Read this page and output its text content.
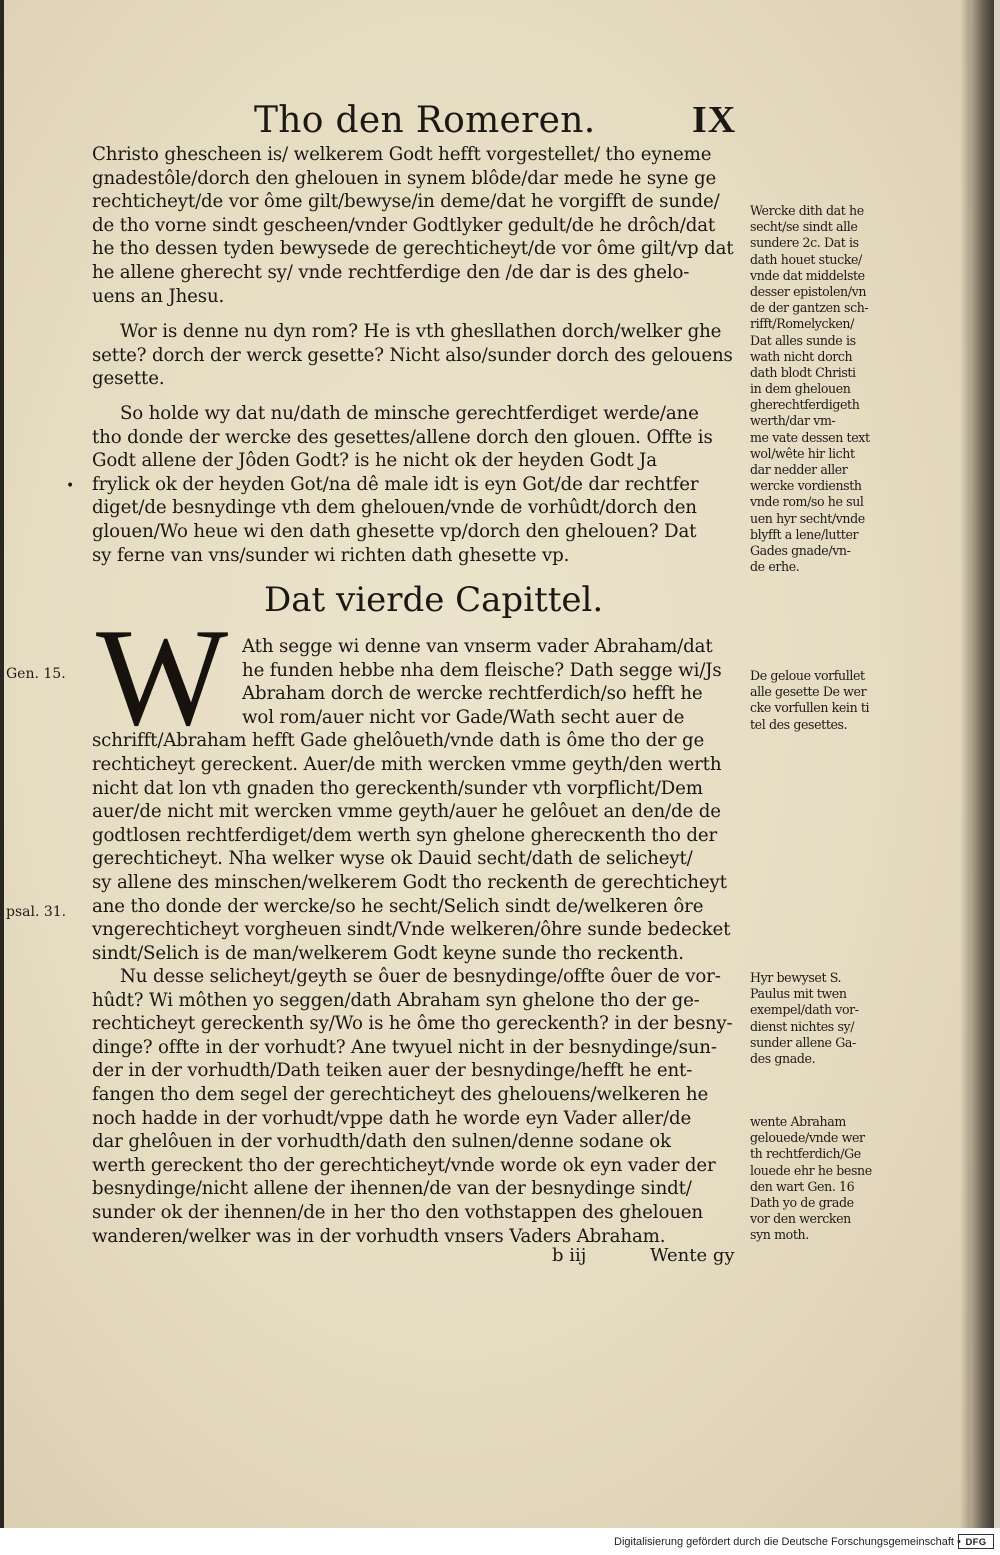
Tho den Romeren.	IX
Christo ghescheen is/ welkerem Godt hefft vorgestellet/ tho eyneme
gnadestôle/dorch den ghelouen in synem blôde/dar mede he syne ge
rechticheyt/de vor ôme gilt/bewyse/in deme/dat he vorgifft de sunde/
de tho vorne sindt gescheen/vnder Godtlyker gedult/de he drôch/dat
he tho dessen tyden bewysede de gerechticheyt/de vor ôme gilt/vp dat
he allene gherecht sy/ vnde rechtferdige den /de dar is des ghelo-
uens an Jhesu.
Wor is denne nu dyn rom? He is vth ghesllathen dorch/welker ghe
sette? dorch der werck gesette? Nicht also/sunder dorch des gelouens
gesette.
So holde wy dat nu/dath de minsche gerechtferdiget werde/ane
tho donde der wercke des gesettes/allene dorch den glouen. Offte is
Godt allene der Jôden Godt? is he nicht ok der heyden Godt Ja
frylick ok der heyden Got/na dê male idt is eyn Got/de dar rechtfer
diget/de besnydinge vth dem ghelouen/vnde de vorhûdt/dorch den
glouen/Wo heue wi den dath ghesette vp/dorch den ghelouen? Dat
sy ferne van vns/sunder wi richten dath ghesette vp.
Dat vierde Capittel.
W Ath segge wi denne van vnserm vader Abraham/dat
he funden hebbe nha dem fleische? Dath segge wi/Js
Abraham dorch de wercke rechtferdich/so hefft he
wol rom/auer nicht vor Gade/Wath secht auer de
schrifft/Abraham hefft Gade ghelôueth/vnde dath is ôme tho der ge
rechticheyt gereckent. Auer/de mith wercken vmme geyth/den werth
nicht dat lon vth gnaden tho gereckenth/sunder vth vorpflicht/Dem
auer/de nicht mit wercken vmme geyth/auer he gelôuet an den/de de
godtlosen rechtferdiget/dem werth syn ghelone gherecкenth tho der
gerechticheyt. Nha welker wyse ok Dauid secht/dath de selicheyt/
sy allene des minschen/welkerem Godt tho reckenth de gerechticheyt
ane tho donde der wercke/so he secht/Selich sindt de/welkeren ôre
vngerechticheyt vorgheuen sindt/Vnde welkeren/ôhre sunde bedecket
sindt/Selich is de man/welkerem Godt keyne sunde tho reckenth.
Nu desse selicheyt/geyth se ôuer de besnydinge/offte ôuer de vor-
hûdt? Wi môthen yo seggen/dath Abraham syn ghelone tho der ge-
rechticheyt gereckenth sy/Wo is he ôme tho gereckenth? in der besny-
dinge? offte in der vorhudt? Ane twyuel nicht in der besnydinge/sun-
der in der vorhudth/Dath teiken auer der besnydinge/hefft he ent-
fangen tho dem segel der gerechticheyt des ghelouens/welkeren he
noch hadde in der vorhudt/vppe dath he worde eyn Vader aller/de
dar ghelôuen in der vorhudth/dath den sulnen/denne sodane ok
werth gereckent tho der gerechticheyt/vnde worde ok eyn vader der
besnydinge/nicht allene der ihennen/de van der besnydinge sindt/
sunder ok der ihennen/de in her tho den vothstappen des ghelouen
wanderen/welker was in der vorhudth vnsers Vaders Abraham.
Wercke dith dat he
secht/se sindt alle
sundere 2c. Dat is
dath houet stucke/
vnde dat middelste
desser epistolen/vn
de der gantzen sch-
rifft/Romelycken/
Dat alles sunde is
wath nicht dorch
dath blodt Christi
in dem ghelouen
gherechtferdigeth
werth/dar vm-
me vate dessen text
wol/wête hir licht
dar nedder aller
wercke vordiensth
vnde rom/so he sul
uen hyr secht/vnde
blyfft a lene/lutter
Gades gnade/vn-
de erhe.
De geloue vorfullet
alle gesette De wer
cke vorfullen kein ti
tel des gesettes.
Hyr bewyset S.
Paulus mit twen
exempel/dath vor-
dienst nichtes sy/
sunder allene Ga-
des gnade.
wente Abraham
gelouede/vnde wer
th rechtferdich/Ge
louede ehr he besne
den wart Gen. 16
Dath yo de grade
vor den wercken
syn moth.
Gen. 15.
psal. 31.
•
b iij	Wente gy
Digitalisierung gefördert durch die Deutsche Forschungsgemeinschaft • DFG
